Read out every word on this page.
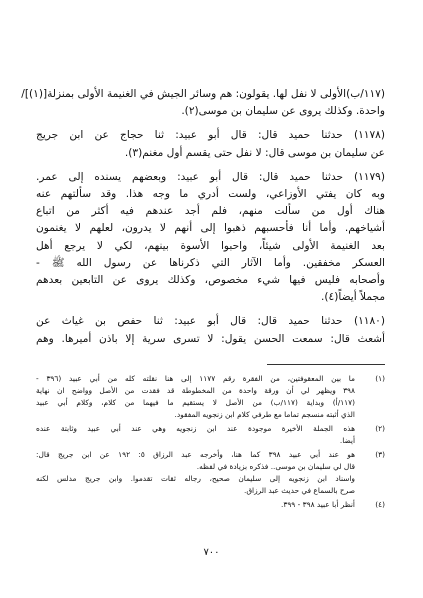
(١١٧/ب)الأولى لا نفل لها. يقولون: هم وسائر الجيش في الغنيمة الأولى بمنزلة[(١)]/
واحدة. وكذلك يروى عن سليمان بن موسى(٢).
(١١٧٨) حدثنا حميد قال: قال أبو عبيد: ثنا حجاج عن ابن جريج
عن سليمان بن موسى قال: لا نفل حتى يقسم أول مغنم(٣).
(١١٧٩) حدثنا حميد قال: قال أبو عبيد: وبعضهم يسنده إلى عمر.
وبه كان يفتي الأوزاعي، ولست أدري ما وجه هذا. وقد سألتهم عنه
هناك أول من سألت منهم، فلم أجد عندهم فيه أكثر من اتباع
أشياخهم. وأما أنا فأحسبهم ذهبوا إلى أنهم لا يدرون، لعلهم لا يغنمون
بعد الغنيمة الأولى شيئاً، واحبوا الأسوة بينهم، لكي لا يرجع أهل
العسكر مخفقين. وأما الآثار التي ذكرناها عن رسول الله ﷺ -
وأصحابه فليس فيها شيء مخصوص، وكذلك يروى عن التابعين بعدهم
مجملاً أيضاً(٤).
(١١٨٠) حدثنا حميد قال: قال أبو عبيد: ثنا حفص بن غياث عن
أشعث قال: سمعت الحسن يقول: لا تسرى سرية إلا باذن أميرها. وهم
(١)
ما بين المعقوفتين، من الفقرة رقم ١١٧٧ إلى هنا نقلته كله من أبي عبيد (٣٩٦ -
٣٩٨ ويظهر لي أن ورقة واحدة من المخطوطة قد فقدت من الأصل وواضح ان نهاية
(١١٧/أ) وبداية (١١٧/ب) من الأصل لا يستقيم ما فيهما من كلام، وكلام أبي عبيد
الذي أثبته منسجم تماما مع طرفي كلام ابن زنجويه المفقود.
(٢)
هذه الجملة الأخيرة موجودة عند ابن زنجويه وهي عند أبي عبيد وثابتة عنده
أيضا.
(٣)
هو عند أبي عبيد ٣٩٨ كما هنا، وأخرجه عبد الرزاق ٥: ١٩٢ عن ابن جريج قال:
قال لي سليمان بن موسى.. فذكره بزيادة في لفظه.
واسناد ابن زنجويه إلى سليمان صحيح، رجاله ثقات تقدموا. وابن جريج مدلس لكنه
صرح بالسماع في حديث عبد الرزاق.
(٤)
أنظر أبا عبيد ٣٩٨ - ٣٩٩.
٧٠٠
